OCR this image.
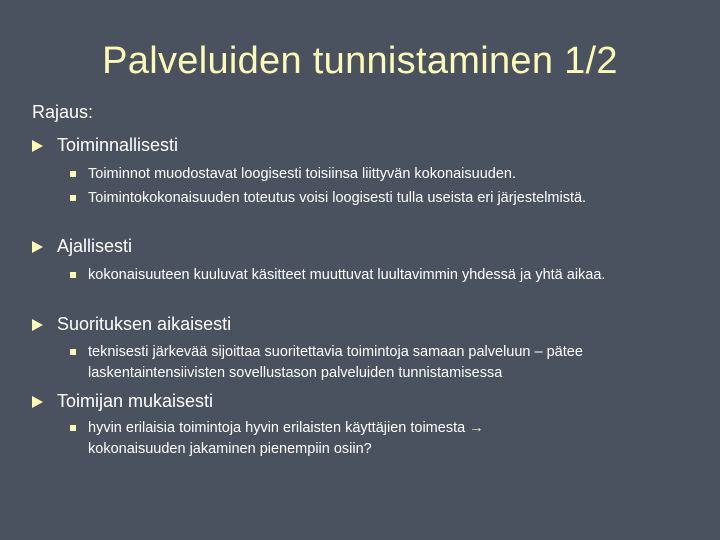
Palveluiden tunnistaminen 1/2
Rajaus:
Toiminnallisesti
Toiminnot muodostavat loogisesti toisiinsa liittyvän kokonaisuuden.
Toimintokokonaisuuden toteutus voisi loogisesti tulla useista eri järjestelmistä.
Ajallisesti
kokonaisuuteen kuuluvat käsitteet muuttuvat luultavimmin yhdessä ja yhtä aikaa.
Suorituksen aikaisesti
teknisesti järkevää sijoittaa suoritettavia toimintoja samaan palveluun – pätee laskentaintensiivisten sovellustason palveluiden tunnistamisessa
Toimijan mukaisesti
hyvin erilaisia toimintoja hyvin erilaisten käyttäjien toimesta →
kokonaisuuden jakaminen pienempiin osiin?
